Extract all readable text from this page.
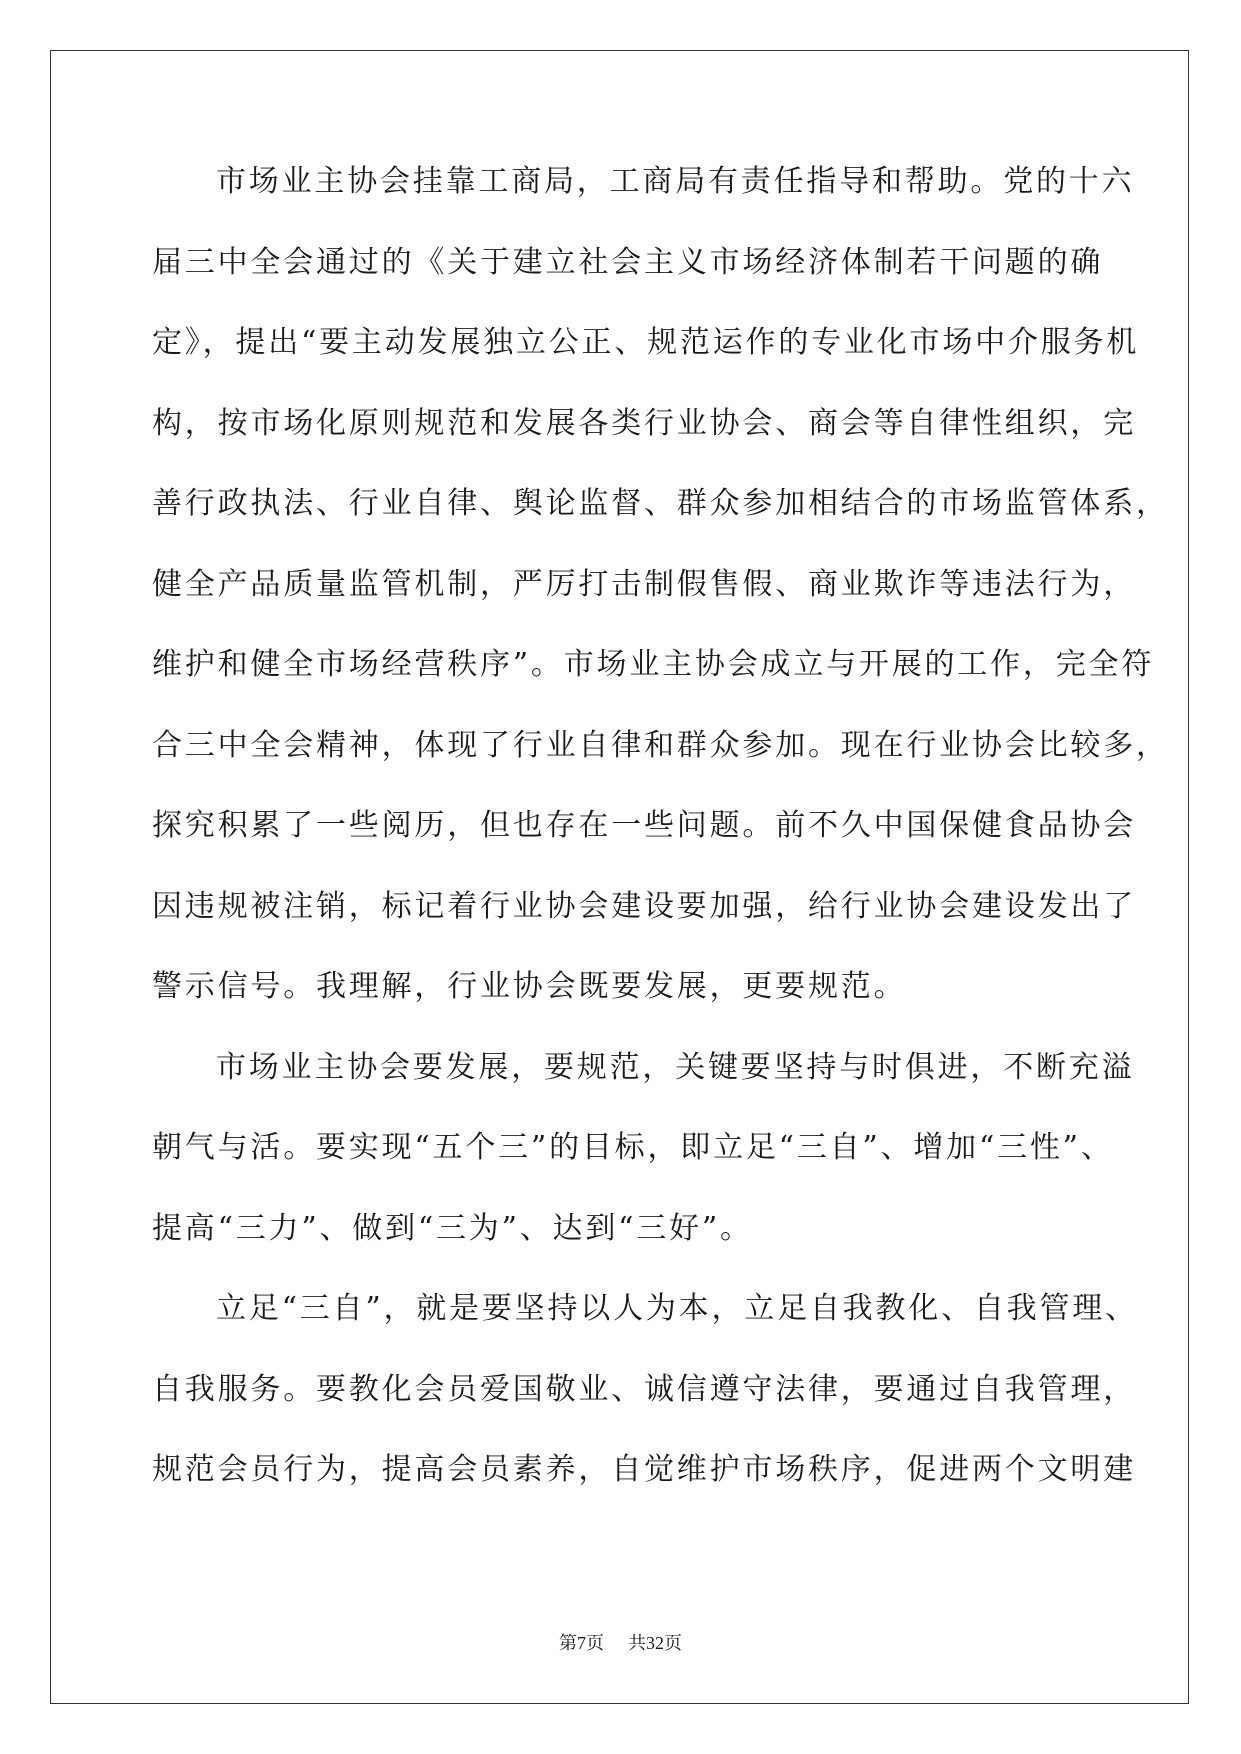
市场业主协会挂靠工商局，工商局有责任指导和帮助。党的十六
届三中全会通过的《关于建立社会主义市场经济体制若干问题的确
定》，提出“要主动发展独立公正、规范运作的专业化市场中介服务机
构，按市场化原则规范和发展各类行业协会、商会等自律性组织，完
善行政执法、行业自律、舆论监督、群众参加相结合的市场监管体系，
健全产品质量监管机制，严厉打击制假售假、商业欺诈等违法行为，
维护和健全市场经营秩序”。市场业主协会成立与开展的工作，完全符
合三中全会精神，体现了行业自律和群众参加。现在行业协会比较多，
探究积累了一些阅历，但也存在一些问题。前不久中国保健食品协会
因违规被注销，标记着行业协会建设要加强，给行业协会建设发出了
警示信号。我理解，行业协会既要发展，更要规范。
市场业主协会要发展，要规范，关键要坚持与时俱进，不断充溢
朝气与活。要实现“五个三”的目标，即立足“三自”、增加“三性”、
提高“三力”、做到“三为”、达到“三好”。
立足“三自”，就是要坚持以人为本，立足自我教化、自我管理、
自我服务。要教化会员爱国敬业、诚信遵守法律，要通过自我管理，
规范会员行为，提高会员素养，自觉维护市场秩序，促进两个文明建
第7页 共32页
